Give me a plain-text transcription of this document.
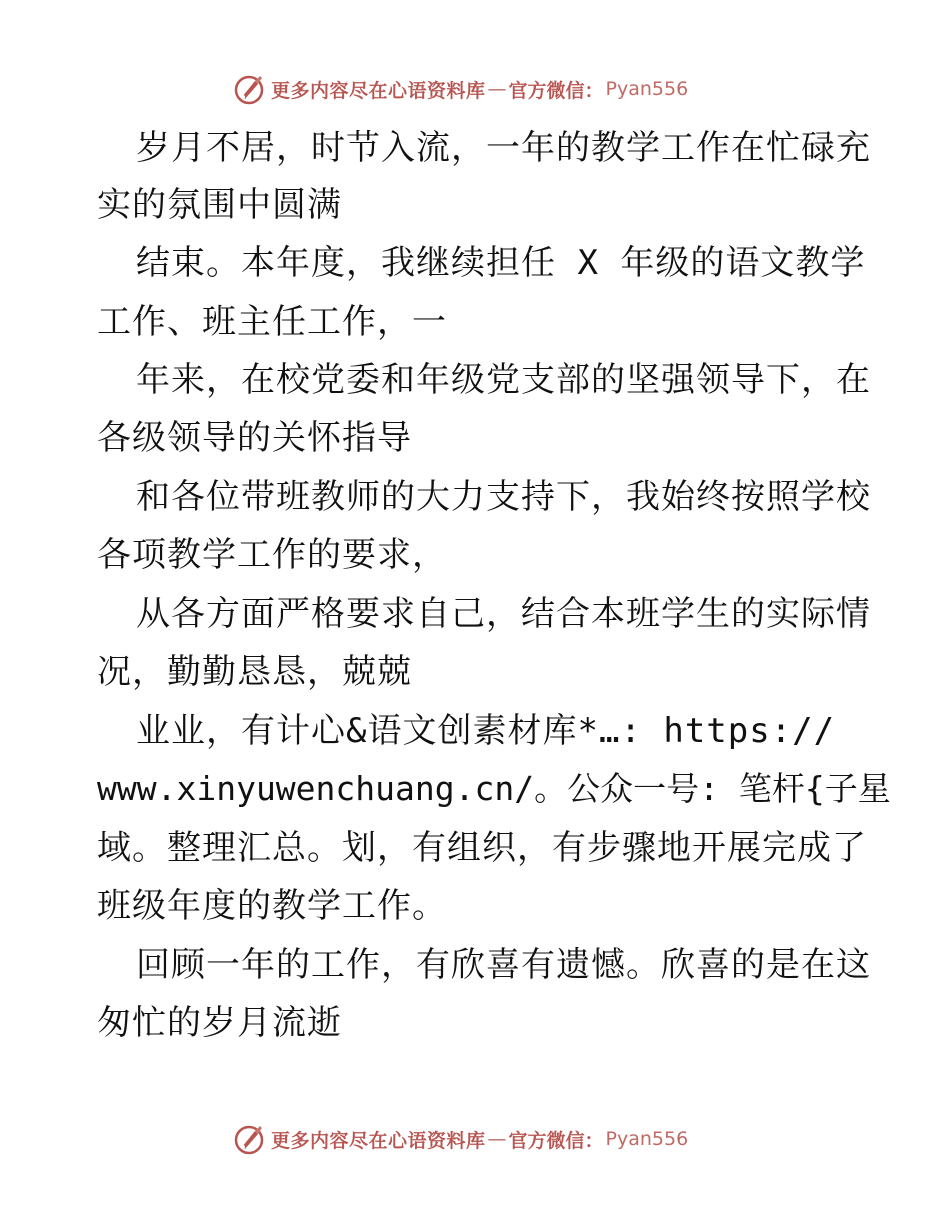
更多内容尽在心语资料库 — 官方微信： Pyan556
岁月不居，时节入流，一年的教学工作在忙碌充
实的氛围中圆满
结束。本年度，我继续担任 X 年级的语文教学
工作、班主任工作，一
年来，在校党委和年级党支部的坚强领导下，在
各级领导的关怀指导
和各位带班教师的大力支持下，我始终按照学校
各项教学工作的要求，
从各方面严格要求自己，结合本班学生的实际情
况，勤勤恳恳，兢兢
业业，有计心&语文创素材库*…: https://
www.xinyuwenchuang.cn/。公众一号: 笔杆{子星
域。整理汇总。划，有组织，有步骤地开展完成了
班级年度的教学工作。
回顾一年的工作，有欣喜有遗憾。欣喜的是在这
匆忙的岁月流逝
更多内容尽在心语资料库 — 官方微信： Pyan556
